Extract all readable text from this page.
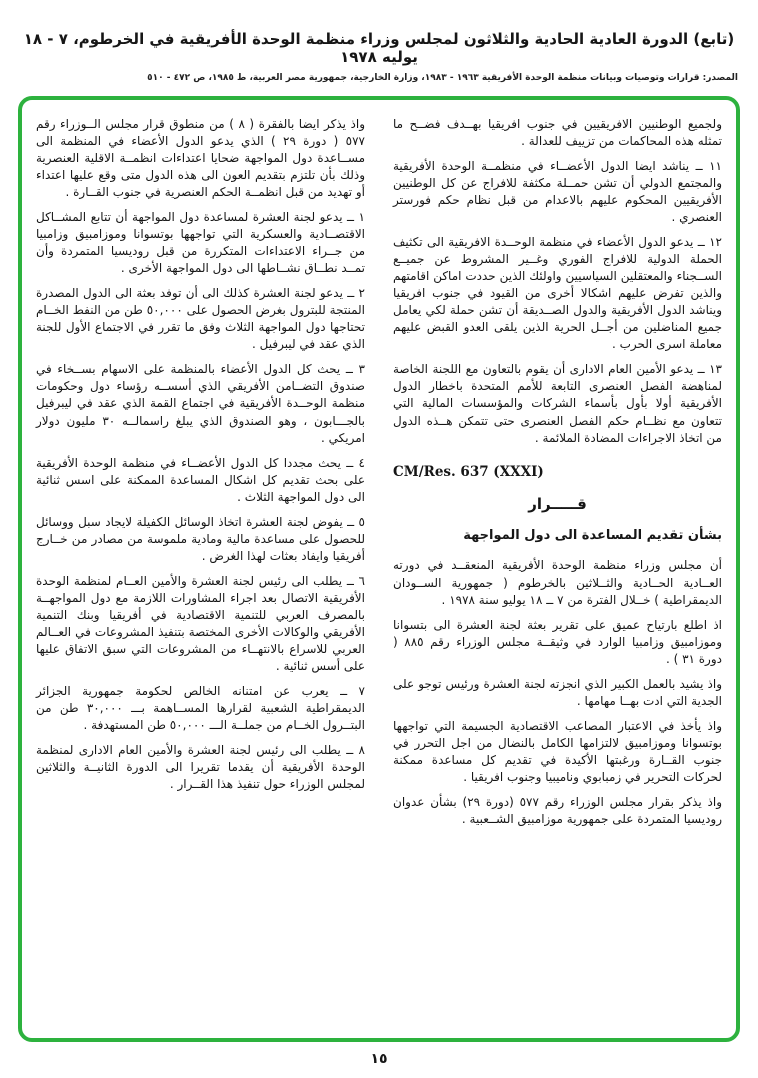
(تابع) الدورة العادية الحادية والثلاثون لمجلس وزراء منظمة الوحدة الأفريقية في الخرطوم، ٧ - ١٨ يوليه ١٩٧٨
المصدر: قرارات وتوصيات وبيانات منظمة الوحدة الأفريقية ١٩٦٣ - ١٩٨٣، وزارة الخارجية، جمهورية مصر العربية، ط ١٩٨٥، ص ٤٧٢ - ٥١٠

ولجميع الوطنيين الافريقيين في جنوب افريقيا بهــدف فضــح ما تمثله هذه المحاكمات من تزييف للعدالة .

١١ ــ يناشد ايضا الدول الأعضــاء في منظمــة الوحدة الأفريقية والمجتمع الدولي أن تشن حمــلة مكثفة للافراج عن كل الوطنيين الأفريقيين المحكوم عليهم بالاعدام من قبل نظام حكم فورستر العنصري .

١٢ ــ يدعو الدول الأعضاء في منظمة الوحــدة الافريقية الى تكثيف الحملة الدولية للافراج الفوري وغــير المشروط عن جميــع الســجناء والمعتقلين السياسيين واولئك الذين حددت اماكن اقامتهم والذين تفرض عليهم اشكالا أخرى من القيود في جنوب افريقيا ويناشد الدول الأفريقية والدول الصــديقة أن تشن حملة لكي يعامل جميع المناضلين من أجــل الحرية الذين يلقى العدو القبض عليهم معاملة اسرى الحرب .

١٣ ــ يدعو الأمين العام الادارى أن يقوم بالتعاون مع اللجنة الخاصة لمناهضة الفصل العنصرى التابعة للأمم المتحدة باخطار الدول الأفريقية أولا بأول بأسماء الشركات والمؤسسات المالية التي تتعاون مع نظــام حكم الفصل العنصرى حتى تتمكن هــذه الدول من اتخاذ الاجراءات المضادة الملائمة .

CM/Res. 637 (XXXI)
قـــــرار
بشأن تقديم المساعدة الى دول المواجهة

أن مجلس وزراء منظمة الوحدة الأفريقية المنعقــد في دورته العــادية الحــادية والثــلاثين بالخرطوم ( جمهورية الســودان الديمقراطية ) خــلال الفترة من ٧ ــ ١٨ يوليو سنة ١٩٧٨ .

اذ اطلع بارتياح عميق على تقرير بعثة لجنة العشرة الى بتسوانا وموزامبيق وزامبيا الوارد في وثيقــة مجلس الوزراء رقم ٨٨٥ ( دورة ٣١ ) .

واذ يشيد بالعمل الكبير الذي انجزته لجنة العشرة ورئيس توجو على الجدية التي ادت بهــا مهامها .

واذ يأخذ في الاعتبار المصاعب الاقتصادية الجسيمة التي تواجهها بوتسوانا وموزامبيق لالتزامها الكامل بالنضال من اجل التحرر في جنوب القــارة ورغبتها الأكيدة في تقديم كل مساعدة ممكنة لحركات التحرير في زمبابوي وناميبيا وجنوب افريقيا .

واذ يذكر بقرار مجلس الوزراء رقم ٥٧٧ (دورة ٢٩) بشأن عدوان روديسيا المتمردة على جمهورية موزامبيق الشــعبية .

واذ يذكر ايضا بالفقرة ( ٨ ) من منطوق قرار مجلس الــوزراء رقم ٥٧٧ ( دورة ٢٩ ) الذي يدعو الدول الأعضاء في المنظمة الى مســاعدة دول المواجهة ضحايا اعتداءات انظمــة الاقلية العنصرية وذلك بأن تلتزم بتقديم العون الى هذه الدول متى وقع عليها اعتداء أو تهديد من قبل انظمــة الحكم العنصرية في جنوب القــارة .

١ ــ يدعو لجنة العشرة لمساعدة دول المواجهة أن تتابع المشــاكل الاقتصــادية والعسكرية التي تواجهها بوتسوانا وموزامبيق وزامبيا من جــراء الاعتداءات المتكررة من قبل روديسيا المتمردة وأن تمــد نطــاق نشــاطها الى دول المواجهة الأخرى .

٢ ــ يدعو لجنة العشرة كذلك الى أن توفد بعثة الى الدول المصدرة المنتجة للبترول بغرض الحصول على ٥٠,٠٠٠ طن من النفط الخــام تحتاجها دول المواجهة الثلاث وفق ما تقرر في الاجتماع الأول للجنة الذي عقد في ليبرفيل .

٣ ــ يحث كل الدول الأعضاء بالمنظمة على الاسهام بســخاء في صندوق التضــامن الأفريقي الذي أسســه رؤساء دول وحكومات منظمة الوحــدة الأفريقية في اجتماع القمة الذي عقد في ليبرفيل بالجـــابون ، وهو الصندوق الذي يبلغ راسمالــه ٣٠ مليون دولار امريكي .

٤ ــ يحث مجددا كل الدول الأعضــاء في منظمة الوحدة الأفريقية على بحث تقديم كل اشكال المساعدة الممكنة على اسس ثنائية الى دول المواجهة الثلاث .

٥ ــ يفوض لجنة العشرة اتخاذ الوسائل الكفيلة لايجاد سبل ووسائل للحصول على مساعدة مالية ومادية ملموسة من مصادر من خــارج أفريقيا وايفاد بعثات لهذا الغرض .

٦ ــ يطلب الى رئيس لجنة العشرة والأمين العــام لمنظمة الوحدة الأفريقية الاتصال بعد اجراء المشاورات اللازمة مع دول المواجهــة بالمصرف العربي للتنمية الاقتصادية في أفريقيا وبنك التنمية الأفريقي والوكالات الأخرى المختصة بتنفيذ المشروعات في العــالم العربي للاسراع بالانتهــاء من المشروعات التي سبق الاتفاق عليها على أسس ثنائية .

٧ ــ يعرب عن امتنانه الخالص لحكومة جمهورية الجزائر الديمقراطية الشعبية لقرارها المســاهمة بـــ ٣٠,٠٠٠ طن من البتــرول الخــام من جملــة الـــ ٥٠,٠٠٠ طن المستهدفة .

٨ ــ يطلب الى رئيس لجنة العشرة والأمين العام الادارى لمنظمة الوحدة الأفريقية أن يقدما تقريرا الى الدورة الثانيــة والثلاثين لمجلس الوزراء حول تنفيذ هذا القــرار .

١٥
